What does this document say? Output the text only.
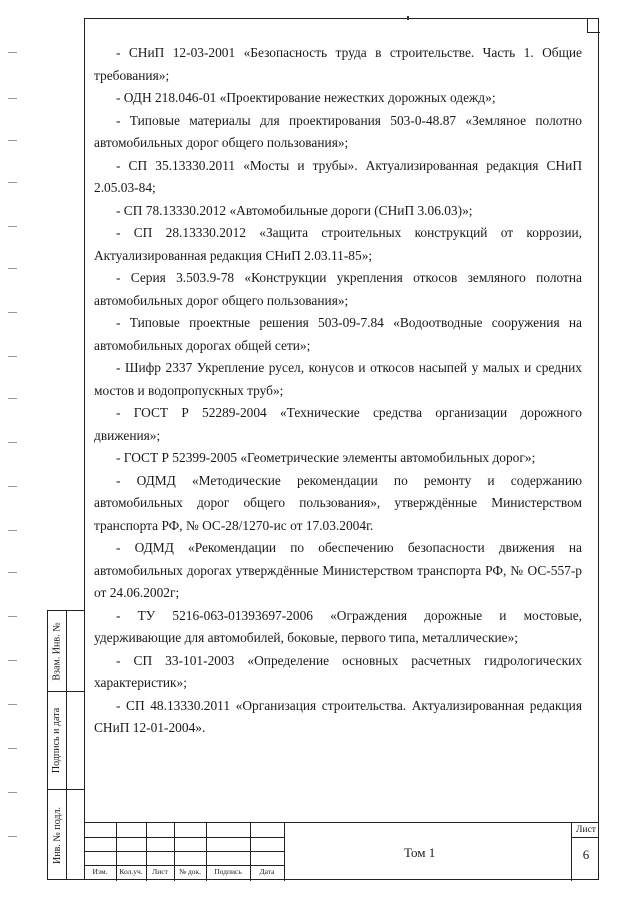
- СНиП 12-03-2001 «Безопасность труда в строительстве. Часть 1. Общие требования»;

- ОДН 218.046-01 «Проектирование нежестких дорожных одежд»;

- Типовые материалы для проектирования 503-0-48.87 «Земляное полотно автомобильных дорог общего пользования»;

- СП 35.13330.2011 «Мосты и трубы». Актуализированная редакция СНиП 2.05.03-84;

- СП 78.13330.2012 «Автомобильные дороги (СНиП 3.06.03)»;

- СП 28.13330.2012 «Защита строительных конструкций от коррозии, Актуализированная редакция СНиП 2.03.11-85»;

- Серия 3.503.9-78 «Конструкции укрепления откосов земляного полотна автомобильных дорог общего пользования»;

- Типовые проектные решения 503-09-7.84 «Водоотводные сооружения на автомобильных дорогах общей сети»;

- Шифр 2337 Укрепление русел, конусов и откосов насыпей у малых и средних мостов и водопропускных труб»;

- ГОСТ Р 52289-2004 «Технические средства организации дорожного движения»;

- ГОСТ Р 52399-2005 «Геометрические элементы автомобильных дорог»;

- ОДМД «Методические рекомендации по ремонту и содержанию автомобильных дорог общего пользования», утверждённые Министерством транспорта РФ, № ОС-28/1270-ис от 17.03.2004г.

- ОДМД «Рекомендации по обеспечению безопасности движения на автомобильных дорогах утверждённые Министерством транспорта РФ, № ОС-557-р от 24.06.2002г;

- ТУ 5216-063-01393697-2006 «Ограждения дорожные и мостовые, удерживающие для автомобилей, боковые, первого типа, металлические»;

- СП 33-101-2003 «Определение основных расчетных гидрологических характеристик»;

- СП 48.13330.2011 «Организация строительства. Актуализированная редакция СНиП 12-01-2004».

Взам. Инв. №
Подпись и дата
Инв. № подл.
Изм.	Кол.уч.	Лист	№ док.	Подпись	Дата
Том 1
Лист
6
